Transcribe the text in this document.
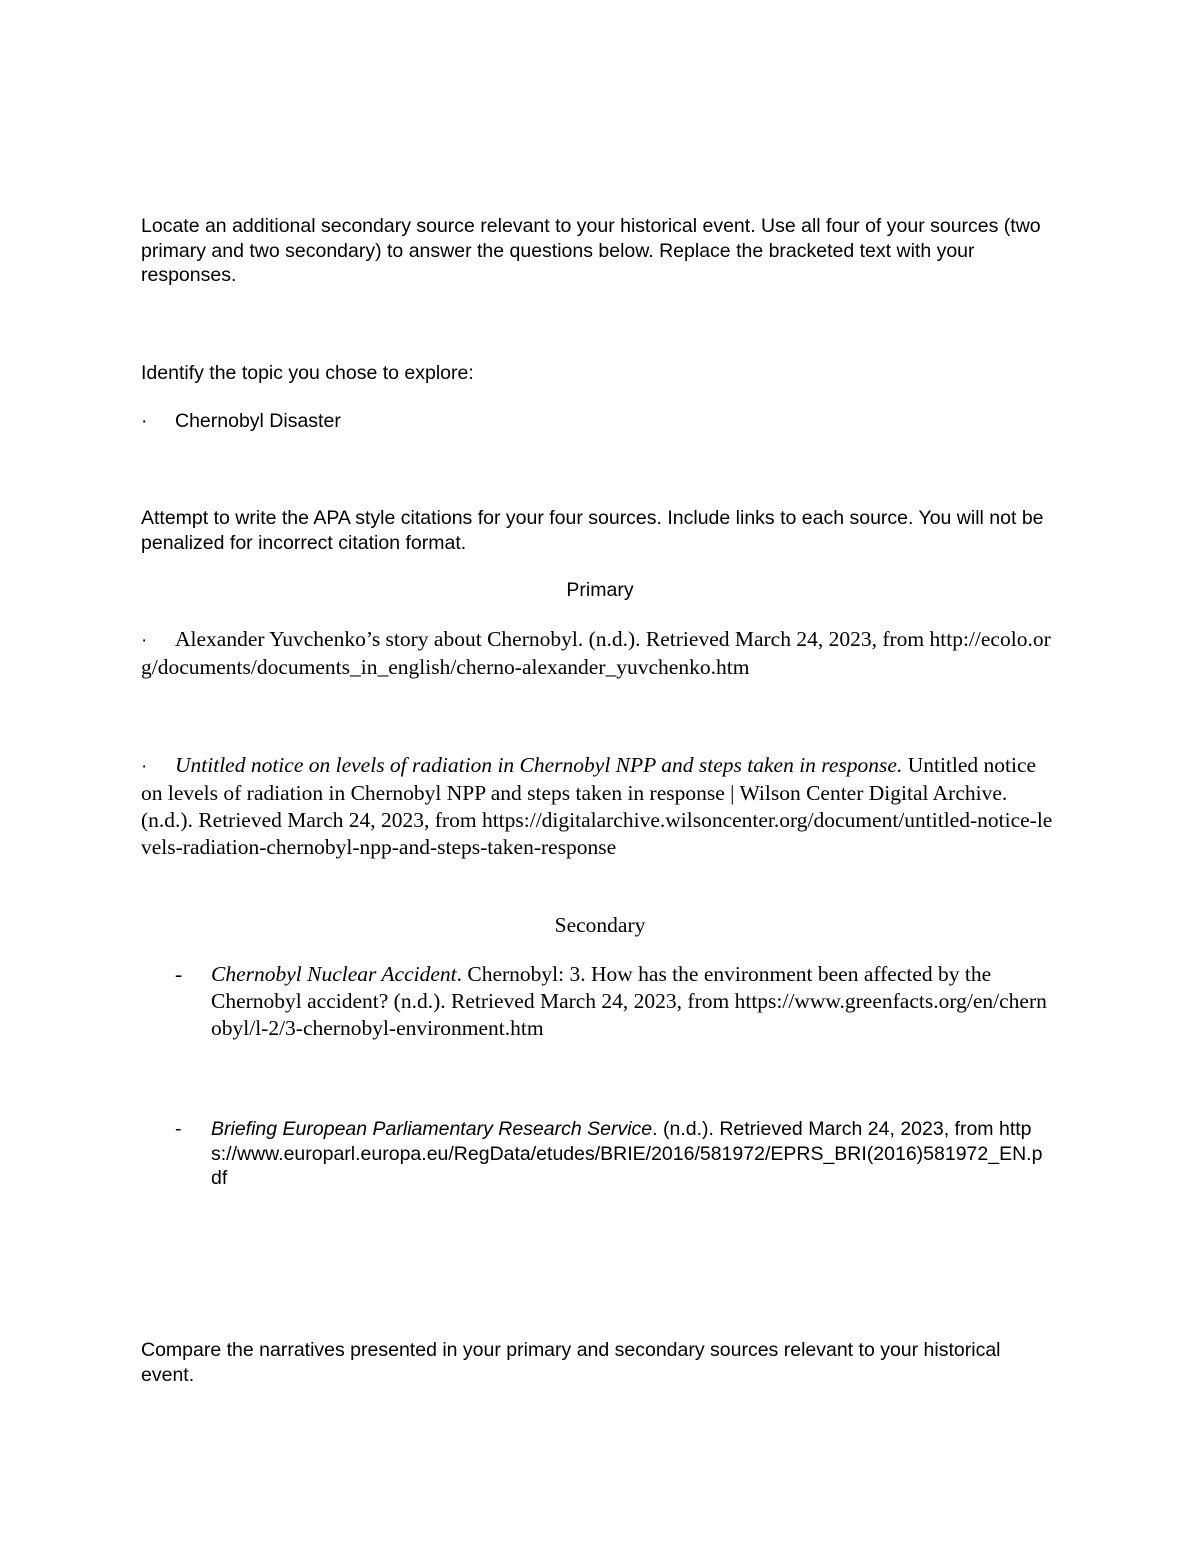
Locate an additional secondary source relevant to your historical event. Use all four of your sources (two primary and two secondary) to answer the questions below. Replace the bracketed text with your responses.

Identify the topic you chose to explore:

· Chernobyl Disaster

Attempt to write the APA style citations for your four sources. Include links to each source. You will not be penalized for incorrect citation format.

Primary

· Alexander Yuvchenko’s story about Chernobyl. (n.d.). Retrieved March 24, 2023, from http://ecolo.org/documents/documents_in_english/cherno-alexander_yuvchenko.htm
· Untitled notice on levels of radiation in Chernobyl NPP and steps taken in response. Untitled notice on levels of radiation in Chernobyl NPP and steps taken in response | Wilson Center Digital Archive. (n.d.). Retrieved March 24, 2023, from https://digitalarchive.wilsoncenter.org/document/untitled-notice-levels-radiation-chernobyl-npp-and-steps-taken-response

Secondary

- Chernobyl Nuclear Accident. Chernobyl: 3. How has the environment been affected by the Chernobyl accident? (n.d.). Retrieved March 24, 2023, from https://www.greenfacts.org/en/chernobyl/l-2/3-chernobyl-environment.htm
- Briefing European Parliamentary Research Service. (n.d.). Retrieved March 24, 2023, from https://www.europarl.europa.eu/RegData/etudes/BRIE/2016/581972/EPRS_BRI(2016)581972_EN.pdf

Compare the narratives presented in your primary and secondary sources relevant to your historical event.
